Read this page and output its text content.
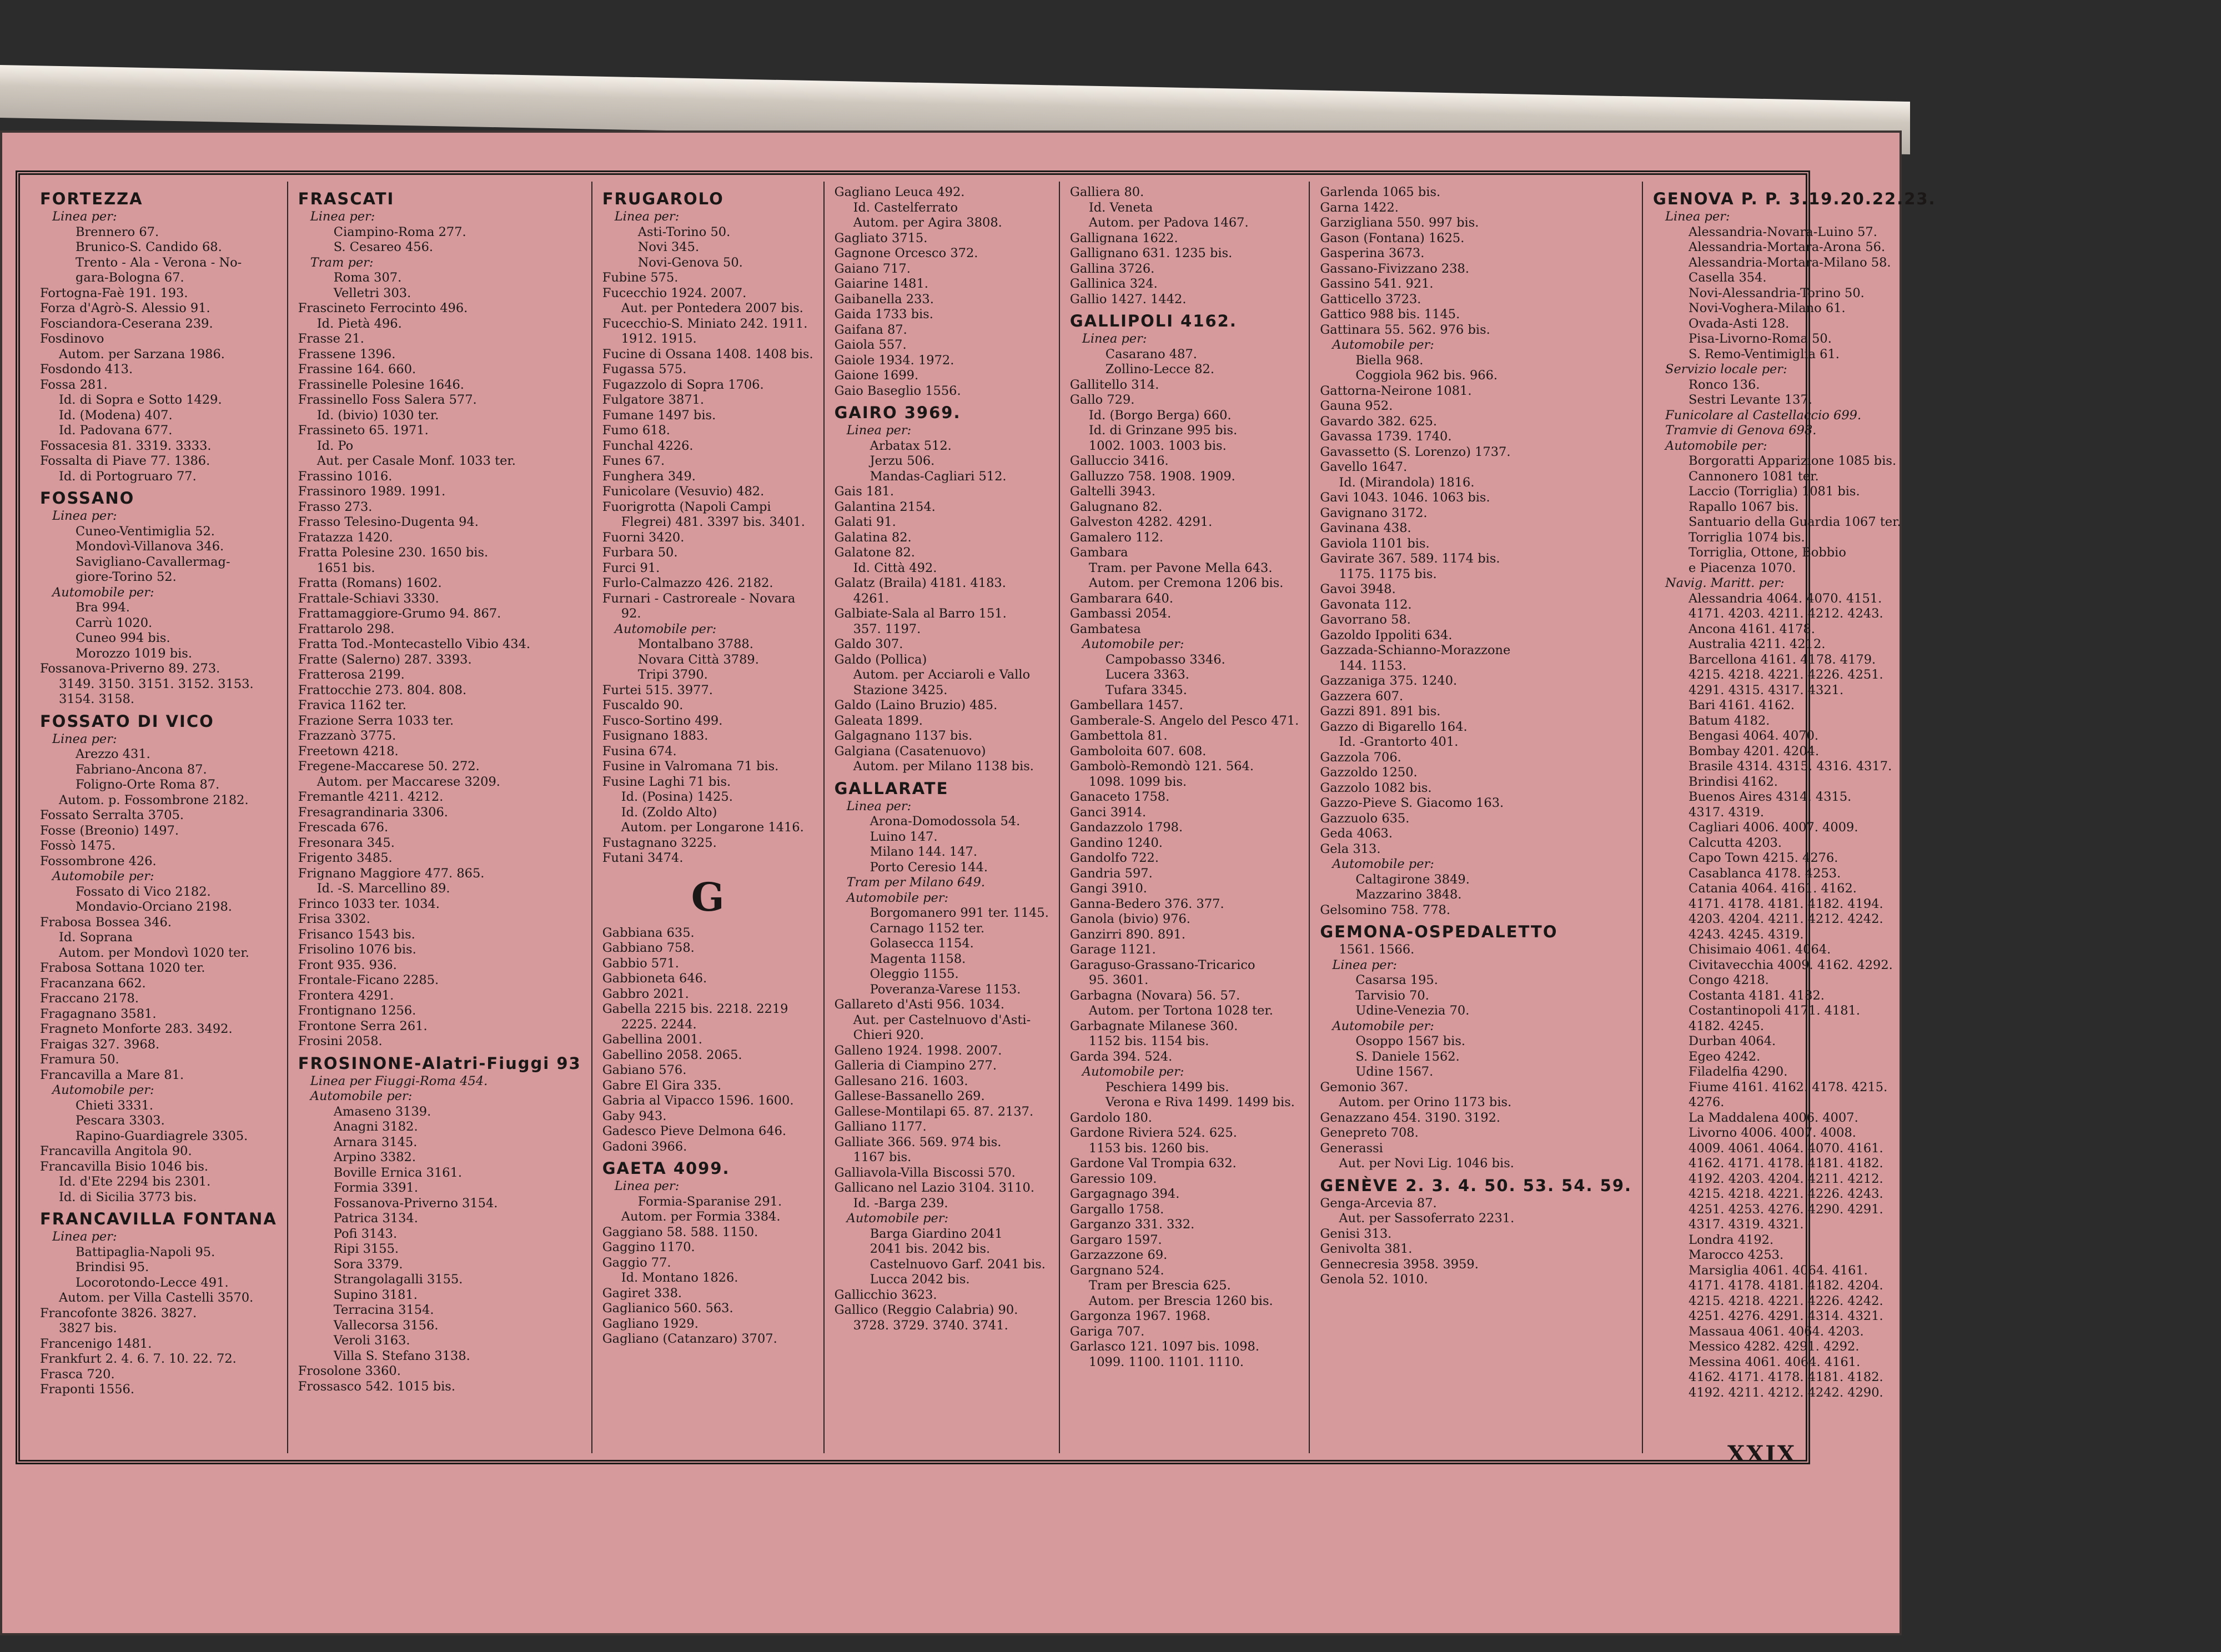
FORTEZZA
Linea per:
Brennero 67.
Brunico-S. Candido 68.
Trento - Ala - Verona - No-
gara-Bologna 67.
Fortogna-Faè 191. 193.
Forza d'Agrò-S. Alessio 91.
Fosciandora-Ceserana 239.
Fosdinovo
Autom. per Sarzana 1986.
Fosdondo 413.
Fossa 281.
Id. di Sopra e Sotto 1429.
Id. (Modena) 407.
Id. Padovana 677.
Fossacesia 81. 3319. 3333.
Fossalta di Piave 77. 1386.
Id. di Portogruaro 77.
FOSSANO
Linea per:
Cuneo-Ventimiglia 52.
Mondovì-Villanova 346.
Savigliano-Cavallermag-
giore-Torino 52.
Automobile per:
Bra 994.
Carrù 1020.
Cuneo 994 bis.
Morozzo 1019 bis.
Fossanova-Priverno 89. 273.
3149. 3150. 3151. 3152. 3153.
3154. 3158.
FOSSATO DI VICO
Linea per:
Arezzo 431.
Fabriano-Ancona 87.
Foligno-Orte Roma 87.
Autom. p. Fossombrone 2182.
Fossato Serralta 3705.
Fosse (Breonio) 1497.
Fossò 1475.
Fossombrone 426.
Automobile per:
Fossato di Vico 2182.
Mondavio-Orciano 2198.
Frabosa Bossea 346.
Id. Soprana
Autom. per Mondovì 1020 ter.
Frabosa Sottana 1020 ter.
Fracanzana 662.
Fraccano 2178.
Fragagnano 3581.
Fragneto Monforte 283. 3492.
Fraigas 327. 3968.
Framura 50.
Francavilla a Mare 81.
Automobile per:
Chieti 3331.
Pescara 3303.
Rapino-Guardiagrele 3305.
Francavilla Angitola 90.
Francavilla Bisio 1046 bis.
Id. d'Ete 2294 bis 2301.
Id. di Sicilia 3773 bis.
FRANCAVILLA FONTANA
Linea per:
Battipaglia-Napoli 95.
Brindisi 95.
Locorotondo-Lecce 491.
Autom. per Villa Castelli 3570.
Francofonte 3826. 3827.
3827 bis.
Francenigo 1481.
Frankfurt 2. 4. 6. 7. 10. 22. 72.
Frasca 720.
Fraponti 1556.
FRASCATI
Linea per:
Ciampino-Roma 277.
S. Cesareo 456.
Tram per:
Roma 307.
Velletri 303.
Frascineto Ferrocinto 496.
Id. Pietà 496.
Frasse 21.
Frassene 1396.
Frassine 164. 660.
Frassinelle Polesine 1646.
Frassinello Foss Salera 577.
Id. (bivio) 1030 ter.
Frassineto 65. 1971.
Id. Po
Aut. per Casale Monf. 1033 ter.
Frassino 1016.
Frassinoro 1989. 1991.
Frasso 273.
Frasso Telesino-Dugenta 94.
Fratazza 1420.
Fratta Polesine 230. 1650 bis.
1651 bis.
Fratta (Romans) 1602.
Frattale-Schiavi 3330.
Frattamaggiore-Grumo 94. 867.
Frattarolo 298.
Fratta Tod.-Montecastello Vibio 434.
Fratte (Salerno) 287. 3393.
Fratterosa 2199.
Frattocchie 273. 804. 808.
Fravica 1162 ter.
Frazione Serra 1033 ter.
Frazzanò 3775.
Freetown 4218.
Fregene-Maccarese 50. 272.
Autom. per Maccarese 3209.
Fremantle 4211. 4212.
Fresagrandinaria 3306.
Frescada 676.
Fresonara 345.
Frigento 3485.
Frignano Maggiore 477. 865.
Id. -S. Marcellino 89.
Frinco 1033 ter. 1034.
Frisa 3302.
Frisanco 1543 bis.
Frisolino 1076 bis.
Front 935. 936.
Frontale-Ficano 2285.
Frontera 4291.
Frontignano 1256.
Frontone Serra 261.
Frosini 2058.
FROSINONE-Alatri-Fiuggi 93
Linea per Fiuggi-Roma 454.
Automobile per:
Amaseno 3139.
Anagni 3182.
Arnara 3145.
Arpino 3382.
Boville Ernica 3161.
Formia 3391.
Fossanova-Priverno 3154.
Patrica 3134.
Pofi 3143.
Ripi 3155.
Sora 3379.
Strangolagalli 3155.
Supino 3181.
Terracina 3154.
Vallecorsa 3156.
Veroli 3163.
Villa S. Stefano 3138.
Frosolone 3360.
Frossasco 542. 1015 bis.
FRUGAROLO
Linea per:
Asti-Torino 50.
Novi 345.
Novi-Genova 50.
Fubine 575.
Fucecchio 1924. 2007.
Aut. per Pontedera 2007 bis.
Fucecchio-S. Miniato 242. 1911.
1912. 1915.
Fucine di Ossana 1408. 1408 bis.
Fugassa 575.
Fugazzolo di Sopra 1706.
Fulgatore 3871.
Fumane 1497 bis.
Fumo 618.
Funchal 4226.
Funes 67.
Funghera 349.
Funicolare (Vesuvio) 482.
Fuorigrotta (Napoli Campi
Flegrei) 481. 3397 bis. 3401.
Fuorni 3420.
Furbara 50.
Furci 91.
Furlo-Calmazzo 426. 2182.
Furnari - Castroreale - Novara
92.
Automobile per:
Montalbano 3788.
Novara Città 3789.
Tripi 3790.
Furtei 515. 3977.
Fuscaldo 90.
Fusco-Sortino 499.
Fusignano 1883.
Fusina 674.
Fusine in Valromana 71 bis.
Fusine Laghi 71 bis.
Id. (Posina) 1425.
Id. (Zoldo Alto)
Autom. per Longarone 1416.
Fustagnano 3225.
Futani 3474.
G
Gabbiana 635.
Gabbiano 758.
Gabbio 571.
Gabbioneta 646.
Gabbro 2021.
Gabella 2215 bis. 2218. 2219
2225. 2244.
Gabellina 2001.
Gabellino 2058. 2065.
Gabiano 576.
Gabre El Gira 335.
Gabria al Vipacco 1596. 1600.
Gaby 943.
Gadesco Pieve Delmona 646.
Gadoni 3966.
GAETA 4099.
Linea per:
Formia-Sparanise 291.
Autom. per Formia 3384.
Gaggiano 58. 588. 1150.
Gaggino 1170.
Gaggio 77.
Id. Montano 1826.
Gagiret 338.
Gaglianico 560. 563.
Gagliano 1929.
Gagliano (Catanzaro) 3707.
Gagliano Leuca 492.
Id. Castelferrato
Autom. per Agira 3808.
Gagliato 3715.
Gagnone Orcesco 372.
Gaiano 717.
Gaiarine 1481.
Gaibanella 233.
Gaida 1733 bis.
Gaifana 87.
Gaiola 557.
Gaiole 1934. 1972.
Gaione 1699.
Gaio Baseglio 1556.
GAIRO 3969.
Linea per:
Arbatax 512.
Jerzu 506.
Mandas-Cagliari 512.
Gais 181.
Galantina 2154.
Galati 91.
Galatina 82.
Galatone 82.
Id. Città 492.
Galatz (Braila) 4181. 4183.
4261.
Galbiate-Sala al Barro 151.
357. 1197.
Galdo 307.
Galdo (Pollica)
Autom. per Acciaroli e Vallo
Stazione 3425.
Galdo (Laino Bruzio) 485.
Galeata 1899.
Galgagnano 1137 bis.
Galgiana (Casatenuovo)
Autom. per Milano 1138 bis.
GALLARATE
Linea per:
Arona-Domodossola 54.
Luino 147.
Milano 144. 147.
Porto Ceresio 144.
Tram per Milano 649.
Automobile per:
Borgomanero 991 ter. 1145.
Carnago 1152 ter.
Golasecca 1154.
Magenta 1158.
Oleggio 1155.
Poveranza-Varese 1153.
Gallareto d'Asti 956. 1034.
Aut. per Castelnuovo d'Asti-
Chieri 920.
Galleno 1924. 1998. 2007.
Galleria di Ciampino 277.
Gallesano 216. 1603.
Gallese-Bassanello 269.
Gallese-Montilapi 65. 87. 2137.
Galliano 1177.
Galliate 366. 569. 974 bis.
1167 bis.
Galliavola-Villa Biscossi 570.
Gallicano nel Lazio 3104. 3110.
Id. -Barga 239.
Automobile per:
Barga Giardino 2041
2041 bis. 2042 bis.
Castelnuovo Garf. 2041 bis.
Lucca 2042 bis.
Gallicchio 3623.
Gallico (Reggio Calabria) 90.
3728. 3729. 3740. 3741.
Galliera 80.
Id. Veneta
Autom. per Padova 1467.
Gallignana 1622.
Gallignano 631. 1235 bis.
Gallina 3726.
Gallinica 324.
Gallio 1427. 1442.
GALLIPOLI 4162.
Linea per:
Casarano 487.
Zollino-Lecce 82.
Gallitello 314.
Gallo 729.
Id. (Borgo Berga) 660.
Id. di Grinzane 995 bis.
1002. 1003. 1003 bis.
Galluccio 3416.
Galluzzo 758. 1908. 1909.
Galtelli 3943.
Galugnano 82.
Galveston 4282. 4291.
Gamalero 112.
Gambara
Tram. per Pavone Mella 643.
Autom. per Cremona 1206 bis.
Gambarara 640.
Gambassi 2054.
Gambatesa
Automobile per:
Campobasso 3346.
Lucera 3363.
Tufara 3345.
Gambellara 1457.
Gamberale-S. Angelo del Pesco 471.
Gambettola 81.
Gamboloita 607. 608.
Gambolò-Remondò 121. 564.
1098. 1099 bis.
Ganaceto 1758.
Ganci 3914.
Gandazzolo 1798.
Gandino 1240.
Gandolfo 722.
Gandria 597.
Gangi 3910.
Ganna-Bedero 376. 377.
Ganola (bivio) 976.
Ganzirri 890. 891.
Garage 1121.
Garaguso-Grassano-Tricarico
95. 3601.
Garbagna (Novara) 56. 57.
Autom. per Tortona 1028 ter.
Garbagnate Milanese 360.
1152 bis. 1154 bis.
Garda 394. 524.
Automobile per:
Peschiera 1499 bis.
Verona e Riva 1499. 1499 bis.
Gardolo 180.
Gardone Riviera 524. 625.
1153 bis. 1260 bis.
Gardone Val Trompia 632.
Garessio 109.
Gargagnago 394.
Gargallo 1758.
Garganzo 331. 332.
Gargaro 1597.
Garzazzone 69.
Gargnano 524.
Tram per Brescia 625.
Autom. per Brescia 1260 bis.
Gargonza 1967. 1968.
Gariga 707.
Garlasco 121. 1097 bis. 1098.
1099. 1100. 1101. 1110.
Garlenda 1065 bis.
Garna 1422.
Garzigliana 550. 997 bis.
Gason (Fontana) 1625.
Gasperina 3673.
Gassano-Fivizzano 238.
Gassino 541. 921.
Gatticello 3723.
Gattico 988 bis. 1145.
Gattinara 55. 562. 976 bis.
Automobile per:
Biella 968.
Coggiola 962 bis. 966.
Gattorna-Neirone 1081.
Gauna 952.
Gavardo 382. 625.
Gavassa 1739. 1740.
Gavassetto (S. Lorenzo) 1737.
Gavello 1647.
Id. (Mirandola) 1816.
Gavi 1043. 1046. 1063 bis.
Gavignano 3172.
Gavinana 438.
Gaviola 1101 bis.
Gavirate 367. 589. 1174 bis.
1175. 1175 bis.
Gavoi 3948.
Gavonata 112.
Gavorrano 58.
Gazoldo Ippoliti 634.
Gazzada-Schianno-Morazzone
144. 1153.
Gazzaniga 375. 1240.
Gazzera 607.
Gazzi 891. 891 bis.
Gazzo di Bigarello 164.
Id. -Grantorto 401.
Gazzola 706.
Gazzoldo 1250.
Gazzolo 1082 bis.
Gazzo-Pieve S. Giacomo 163.
Gazzuolo 635.
Geda 4063.
Gela 313.
Automobile per:
Caltagirone 3849.
Mazzarino 3848.
Gelsomino 758. 778.
GEMONA-OSPEDALETTO
1561. 1566.
Linea per:
Casarsa 195.
Tarvisio 70.
Udine-Venezia 70.
Automobile per:
Osoppo 1567 bis.
S. Daniele 1562.
Udine 1567.
Gemonio 367.
Autom. per Orino 1173 bis.
Genazzano 454. 3190. 3192.
Genepreto 708.
Generassi
Aut. per Novi Lig. 1046 bis.
GENÈVE 2. 3. 4. 50. 53. 54. 59.
Genga-Arcevia 87.
Aut. per Sassoferrato 2231.
Genisi 313.
Genivolta 381.
Gennecresia 3958. 3959.
Genola 52. 1010.
GENOVA P. P. 3.19.20.22.23.
Linea per:
Alessandria-Novara-Luino 57.
Alessandria-Mortara-Arona 56.
Alessandria-Mortara-Milano 58.
Casella 354.
Novi-Alessandria-Torino 50.
Novi-Voghera-Milano 61.
Ovada-Asti 128.
Pisa-Livorno-Roma 50.
S. Remo-Ventimiglia 61.
Servizio locale per:
Ronco 136.
Sestri Levante 137.
Funicolare al Castellaccio 699.
Tramvie di Genova 698.
Automobile per:
Borgoratti Apparizione 1085 bis.
Cannonero 1081 ter.
Laccio (Torriglia) 1081 bis.
Rapallo 1067 bis.
Santuario della Guardia 1067 ter.
Torriglia 1074 bis.
Torriglia, Ottone, Bobbio
e Piacenza 1070.
Navig. Maritt. per:
Alessandria 4064. 4070. 4151.
4171. 4203. 4211. 4212. 4243.
Ancona 4161. 4178.
Australia 4211. 4212.
Barcellona 4161. 4178. 4179.
4215. 4218. 4221. 4226. 4251.
4291. 4315. 4317. 4321.
Bari 4161. 4162.
Batum 4182.
Bengasi 4064. 4070.
Bombay 4201. 4204.
Brasile 4314. 4315. 4316. 4317.
Brindisi 4162.
Buenos Aires 4314. 4315.
4317. 4319.
Cagliari 4006. 4007. 4009.
Calcutta 4203.
Capo Town 4215. 4276.
Casablanca 4178. 4253.
Catania 4064. 4161. 4162.
4171. 4178. 4181. 4182. 4194.
4203. 4204. 4211. 4212. 4242.
4243. 4245. 4319.
Chisimaio 4061. 4064.
Civitavecchia 4009. 4162. 4292.
Congo 4218.
Costanta 4181. 4182.
Costantinopoli 4171. 4181.
4182. 4245.
Durban 4064.
Egeo 4242.
Filadelfia 4290.
Fiume 4161. 4162. 4178. 4215.
4276.
La Maddalena 4006. 4007.
Livorno 4006. 4007. 4008.
4009. 4061. 4064. 4070. 4161.
4162. 4171. 4178. 4181. 4182.
4192. 4203. 4204. 4211. 4212.
4215. 4218. 4221. 4226. 4243.
4251. 4253. 4276. 4290. 4291.
4317. 4319. 4321.
Londra 4192.
Marocco 4253.
Marsiglia 4061. 4064. 4161.
4171. 4178. 4181. 4182. 4204.
4215. 4218. 4221. 4226. 4242.
4251. 4276. 4291. 4314. 4321.
Massaua 4061. 4064. 4203.
Messico 4282. 4291. 4292.
Messina 4061. 4064. 4161.
4162. 4171. 4178. 4181. 4182.
4192. 4211. 4212. 4242. 4290.
XXIX
